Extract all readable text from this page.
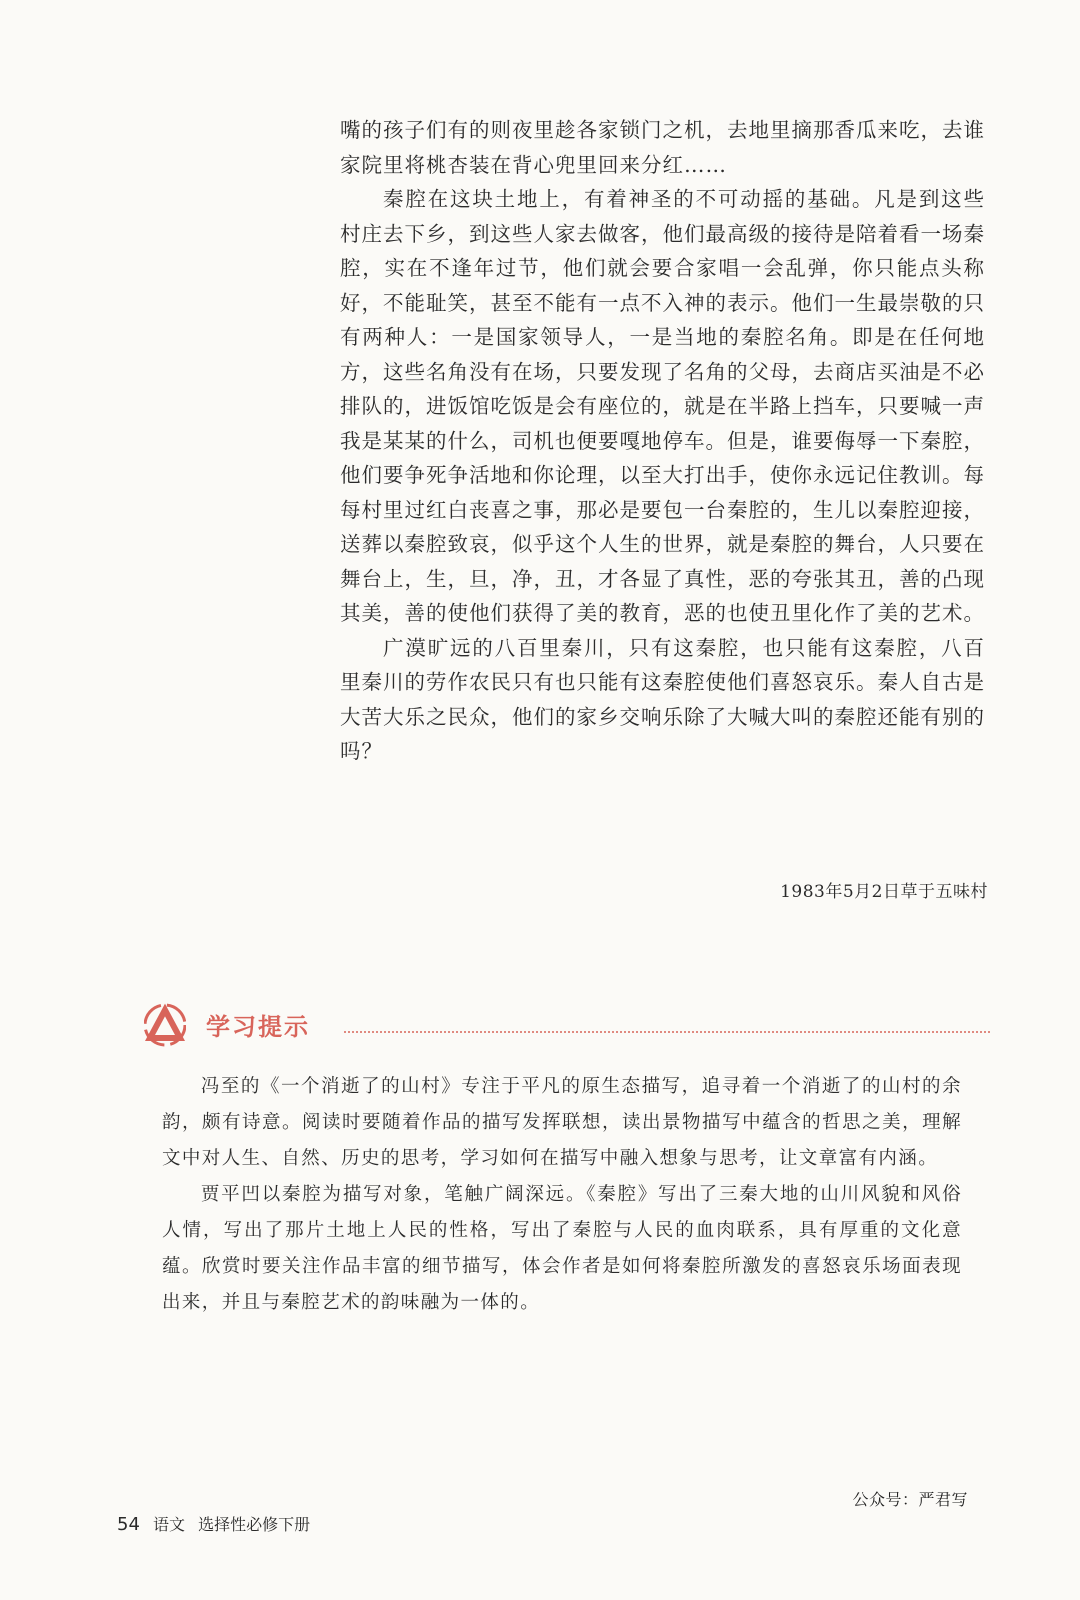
嘴的孩子们有的则夜里趁各家锁门之机，去地里摘那香瓜来吃，去谁家院里将桃杏装在背心兜里回来分红……

秦腔在这块土地上，有着神圣的不可动摇的基础。凡是到这些村庄去下乡，到这些人家去做客，他们最高级的接待是陪着看一场秦腔，实在不逢年过节，他们就会要合家唱一会乱弹，你只能点头称好，不能耻笑，甚至不能有一点不入神的表示。他们一生最崇敬的只有两种人：一是国家领导人，一是当地的秦腔名角。即是在任何地方，这些名角没有在场，只要发现了名角的父母，去商店买油是不必排队的，进饭馆吃饭是会有座位的，就是在半路上挡车，只要喊一声我是某某的什么，司机也便要嘎地停车。但是，谁要侮辱一下秦腔，他们要争死争活地和你论理，以至大打出手，使你永远记住教训。每每村里过红白丧喜之事，那必是要包一台秦腔的，生儿以秦腔迎接，送葬以秦腔致哀，似乎这个人生的世界，就是秦腔的舞台，人只要在舞台上，生，旦，净，丑，才各显了真性，恶的夸张其丑，善的凸现其美，善的使他们获得了美的教育，恶的也使丑里化作了美的艺术。

广漠旷远的八百里秦川，只有这秦腔，也只能有这秦腔，八百里秦川的劳作农民只有也只能有这秦腔使他们喜怒哀乐。秦人自古是大苦大乐之民众，他们的家乡交响乐除了大喊大叫的秦腔还能有别的吗？

1983年5月2日草于五味村
学习提示

冯至的《一个消逝了的山村》专注于平凡的原生态描写，追寻着一个消逝了的山村的余韵，颇有诗意。阅读时要随着作品的描写发挥联想，读出景物描写中蕴含的哲思之美，理解文中对人生、自然、历史的思考，学习如何在描写中融入想象与思考，让文章富有内涵。

贾平凹以秦腔为描写对象，笔触广阔深远。《秦腔》写出了三秦大地的山川风貌和风俗人情，写出了那片土地上人民的性格，写出了秦腔与人民的血肉联系，具有厚重的文化意蕴。欣赏时要关注作品丰富的细节描写，体会作者是如何将秦腔所激发的喜怒哀乐场面表现出来，并且与秦腔艺术的韵味融为一体的。

公众号：严君写
54 语文 选择性必修下册
